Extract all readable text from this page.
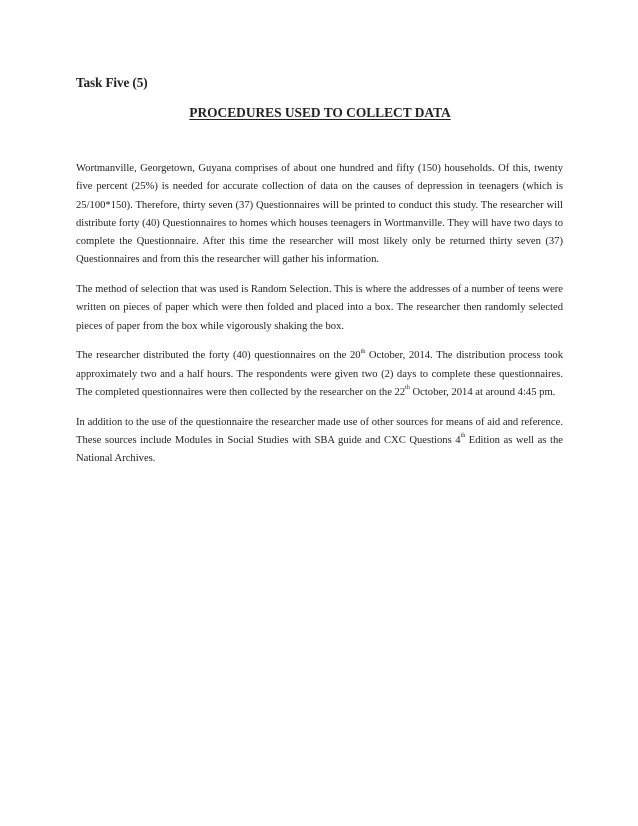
Task Five (5)
PROCEDURES USED TO COLLECT DATA

Wortmanville, Georgetown, Guyana comprises of about one hundred and fifty (150) households. Of this, twenty five percent (25%) is needed for accurate collection of data on the causes of depression in teenagers (which is 25/100*150). Therefore, thirty seven (37) Questionnaires will be printed to conduct this study. The researcher will distribute forty (40) Questionnaires to homes which houses teenagers in Wortmanville. They will have two days to complete the Questionnaire. After this time the researcher will most likely only be returned thirty seven (37) Questionnaires and from this the researcher will gather his information.

The method of selection that was used is Random Selection. This is where the addresses of a number of teens were written on pieces of paper which were then folded and placed into a box. The researcher then randomly selected pieces of paper from the box while vigorously shaking the box.

The researcher distributed the forty (40) questionnaires on the 20th October, 2014. The distribution process took approximately two and a half hours. The respondents were given two (2) days to complete these questionnaires. The completed questionnaires were then collected by the researcher on the 22th October, 2014 at around 4:45 pm.

In addition to the use of the questionnaire the researcher made use of other sources for means of aid and reference. These sources include Modules in Social Studies with SBA guide and CXC Questions 4th Edition as well as the National Archives.
